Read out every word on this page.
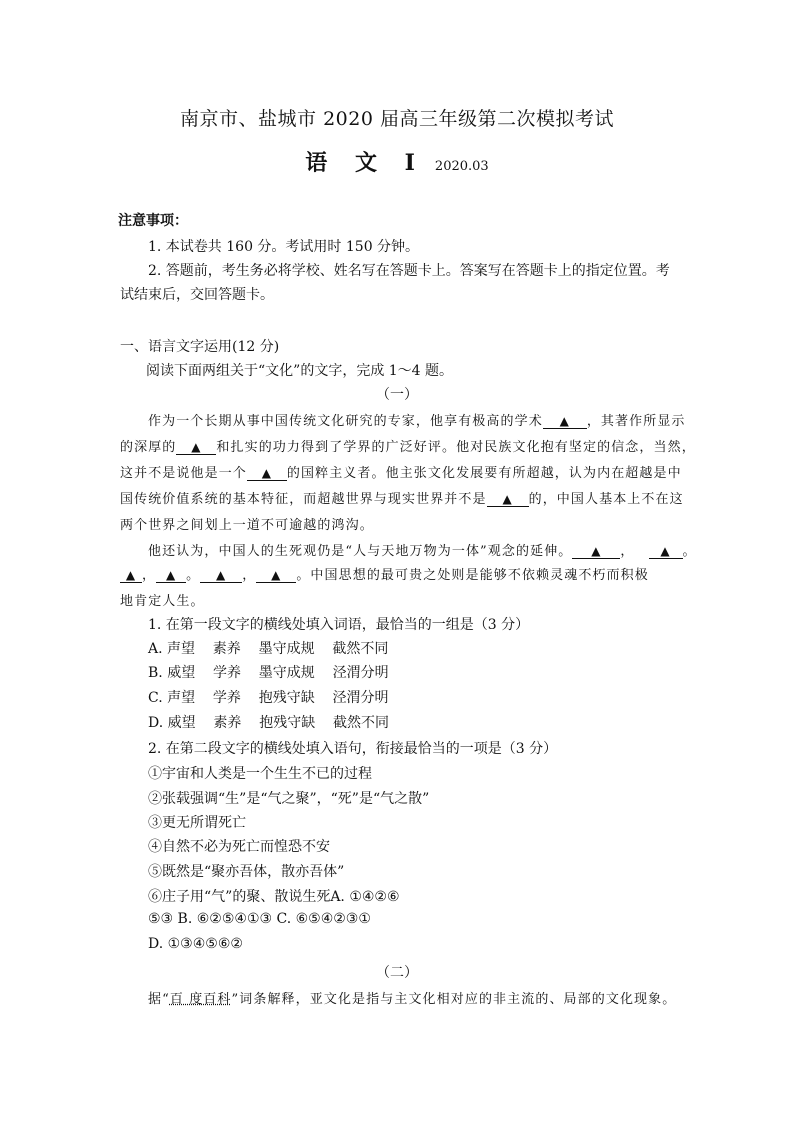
南京市、盐城市 2020 届高三年级第二次模拟考试
语 文 Ⅰ 2020.03
注意事项：
1. 本试卷共 160 分。考试用时 150 分钟。
2. 答题前，考生务必将学校、姓名写在答题卡上。答案写在答题卡上的指定位置。考
试结束后，交回答题卡。
一、语言文字运用(12 分)
阅读下面两组关于“文化”的文字，完成 1～4 题。
（一）
作为一个长期从事中国传统文化研究的专家，他享有极高的学术 ▲ ，其著作所显示
的深厚的 ▲ 和扎实的功力得到了学界的广泛好评。他对民族文化抱有坚定的信念，当然，
这并不是说他是一个 ▲ 的国粹主义者。他主张文化发展要有所超越，认为内在超越是中
国传统价值系统的基本特征，而超越世界与现实世界并不是 ▲ 的，中国人基本上不在这
两个世界之间划上一道不可逾越的鸿沟。
他还认为，中国人的生死观仍是“人与天地万物为一体”观念的延伸。 ▲ ， ▲ 。
▲ ， ▲ 。 ▲ ， ▲ 。中国思想的最可贵之处则是能够不依赖灵魂不朽而积极
地肯定人生。
1. 在第一段文字的横线处填入词语，最恰当的一组是（3 分）
A. 声望    素养    墨守成规    截然不同
B. 威望    学养    墨守成规    泾渭分明
C. 声望    学养    抱残守缺    泾渭分明
D. 威望    素养    抱残守缺    截然不同
2. 在第二段文字的横线处填入语句，衔接最恰当的一项是（3 分）
①宇宙和人类是一个生生不已的过程
②张载强调“生”是“气之聚”，“死”是“气之散”
③更无所谓死亡
④自然不必为死亡而惶恐不安
⑤既然是“聚亦吾体，散亦吾体”
⑥庄子用“气”的聚、散说生死A. ①④②⑥
⑤③ B. ⑥②⑤④①③ C. ⑥⑤④②③①
D. ①③④⑤⑥②
（二）
据“百 度百科”词条解释，亚文化是指与主文化相对应的非主流的、局部的文化现象。
